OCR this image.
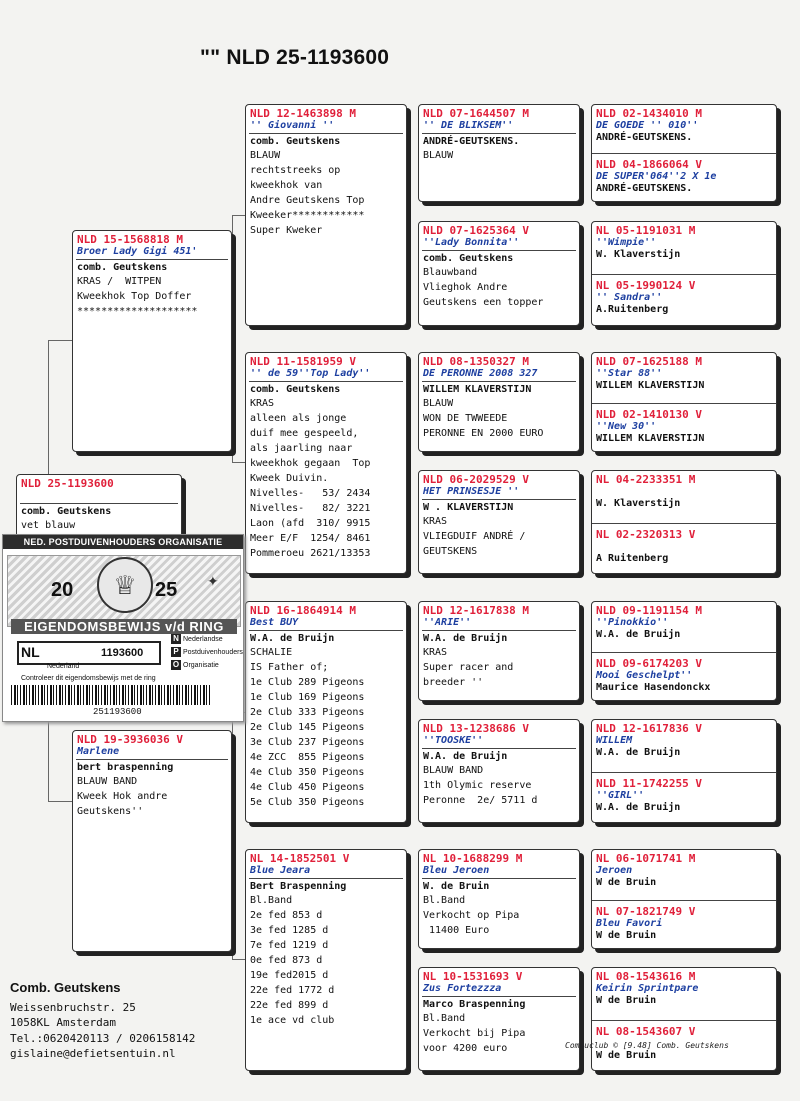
"" NLD 25-1193600
NLD 25-1193600
comb. Geutskens
vet blauw
NLD 15-1568818 M
Broer Lady Gigi 451'
comb. Geutskens
KRAS /  WITPEN
Kweekhok Top Doffer
********************
NLD 19-3936036 V
Marlene
bert braspenning
BLAUW BAND
Kweek Hok andre
Geutskens''
NLD 12-1463898 M
'' Giovanni ''
comb. Geutskens
BLAUW
rechtstreeks op
kweekhok van
Andre Geutskens Top
Kweeker************
Super Kweker
NLD 11-1581959 V
'' de 59''Top Lady''
comb. Geutskens
KRAS
alleen als jonge
duif mee gespeeld,
als jaarling naar
kweekhok gegaan  Top
Kweek Duivin.
Nivelles-   53/ 2434
Nivelles-   82/ 3221
Laon (afd  310/ 9915
Meer E/F  1254/ 8461
Pommeroeu 2621/13353
NLD 16-1864914 M
Best BUY
W.A. de Bruijn
SCHALIE
IS Father of;
1e Club 289 Pigeons
1e Club 169 Pigeons
2e Club 333 Pigeons
2e Club 145 Pigeons
3e Club 237 Pigeons
4e ZCC  855 Pigeons
4e Club 350 Pigeons
4e Club 450 Pigeons
5e Club 350 Pigeons
NL 14-1852501 V
Blue Jeara
Bert Braspenning
Bl.Band
2e fed 853 d
3e fed 1285 d
7e fed 1219 d
0e fed 873 d
19e fed2015 d
22e fed 1772 d
22e fed 899 d
1e ace vd club
NLD 07-1644507 M
'' DE BLIKSEM''
ANDRÉ-GEUTSKENS.
BLAUW
NLD 07-1625364 V
''Lady Bonnita''
comb. Geutskens
Blauwband
Vlieghok Andre
Geutskens een topper
NLD 08-1350327 M
DE PERONNE 2008 327
WILLEM KLAVERSTIJN
BLAUW
WON DE TWWEEDE
PERONNE EN 2000 EURO
NLD 06-2029529 V
HET PRINSESJE ''
W . KLAVERSTIJN
KRAS
VLIEGDUIF ANDRÉ /
GEUTSKENS
NLD 12-1617838 M
''ARIE''
W.A. de Bruijn
KRAS
Super racer and
breeder ''
NLD 13-1238686 V
''TOOSKE''
W.A. de Bruijn
BLAUW BAND
1th Olymic reserve
Peronne  2e/ 5711 d
NL 10-1688299 M
Bleu Jeroen
W. de Bruin
Bl.Band
Verkocht op Pipa
11400 Euro
NL 10-1531693 V
Zus Fortezzza
Marco Braspenning
Bl.Band
Verkocht bij Pipa
voor 4200 euro
NLD 02-1434010 M
DE GOEDE '' 010''
ANDRÉ-GEUTSKENS.
NLD 04-1866064 V
DE SUPER'064''2 X 1e
ANDRÉ-GEUTSKENS.
NL 05-1191031 M
''Wimpie''
W. Klaverstijn
NL 05-1990124 V
'' Sandra''
A.Ruitenberg
NLD 07-1625188 M
''Star 88''
WILLEM KLAVERSTIJN
NLD 02-1410130 V
''New 30''
WILLEM KLAVERSTIJN
NL 04-2233351 M
W. Klaverstijn
NL 02-2320313 V
A Ruitenberg
NLD 09-1191154 M
''Pinokkio''
W.A. de Bruijn
NLD 09-6174203 V
Mooi Geschelpt''
Maurice Hasendonckx
NLD 12-1617836 V
WILLEM
W.A. de Bruijn
NLD 11-1742255 V
''GIRL''
W.A. de Bruijn
NL 06-1071741 M
Jeroen
W de Bruin
NL 07-1821749 V
Bleu Favori
W de Bruin
NL 08-1543616 M
Keirin Sprintpare
W de Bruin
NL 08-1543607 V
W de Bruin
NED. POSTDUIVENHOUDERS ORGANISATIE
20	♕ 25 ✦
EIGENDOMSBEWIJS v/d RING
NL	1193600
N Nederlandse
P Postduivenhouders
O Organisatie
Nederland
Controleer dit eigendomsbewijs met de ring
251193600
Comb. Geutskens
Weissenbruchstr. 25
1058KL Amsterdam
Tel.:0620420113 / 0206158142
gislaine@defietsentuin.nl
Compuclub © [9.48] Comb. Geutskens
